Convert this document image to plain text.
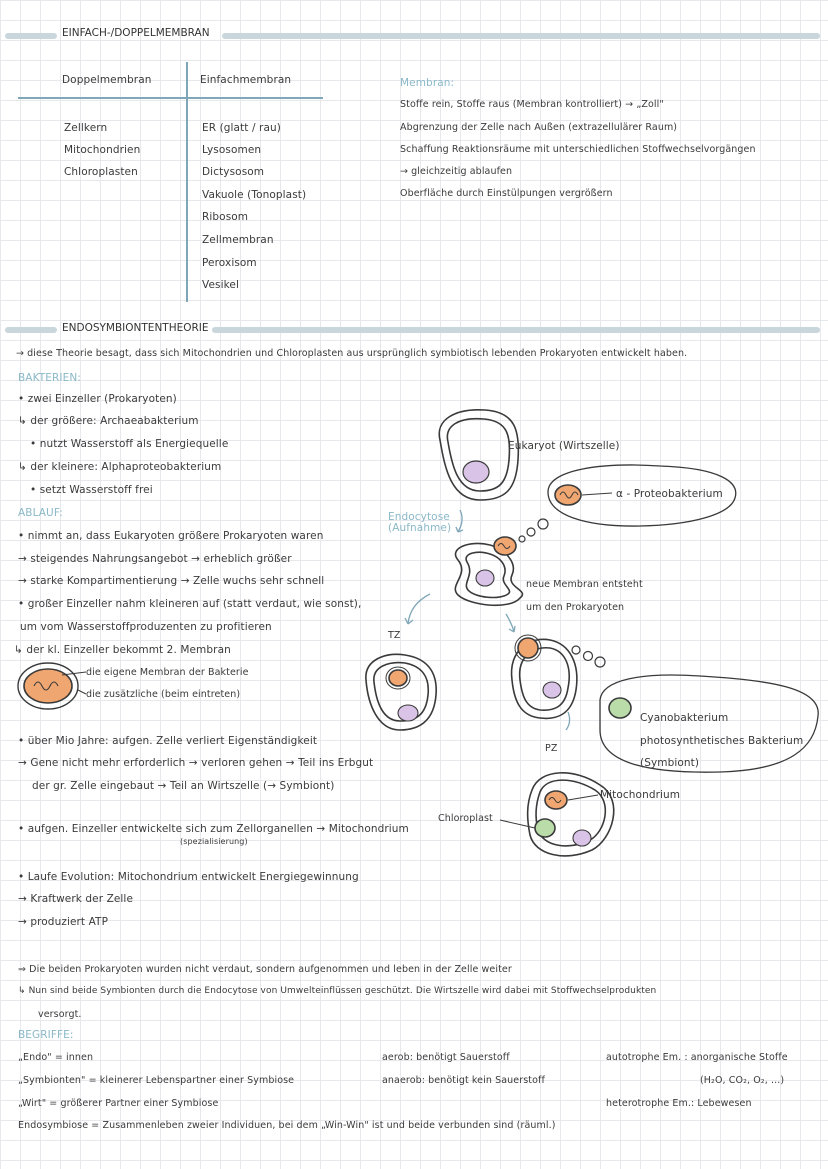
EINFACH-/DOPPELMEMBRAN
Doppelmembran	Einfachmembran
Zellkern
Mitochondrien
Chloroplasten
ER (glatt / rau)
Lysosomen
Dictysosom
Vakuole (Tonoplast)
Ribosom
Zellmembran
Peroxisom
Vesikel
Membran:
Stoffe rein, Stoffe raus (Membran kontrolliert) → „Zoll"
Abgrenzung der Zelle nach Außen (extrazellulärer Raum)
Schaffung Reaktionsräume mit unterschiedlichen Stoffwechselvorgängen
→ gleichzeitig ablaufen
Oberfläche durch Einstülpungen vergrößern
ENDOSYMBIONTENTHEORIE
→ diese Theorie besagt, dass sich Mitochondrien und Chloroplasten aus ursprünglich symbiotisch lebenden Prokaryoten entwickelt haben.
BAKTERIEN:
• zwei Einzeller (Prokaryoten)
↳ der größere: Archaeabakterium
• nutzt Wasserstoff als Energiequelle
↳ der kleinere: Alphaproteobakterium
• setzt Wasserstoff frei
ABLAUF:
• nimmt an, dass Eukaryoten größere Prokaryoten waren
→ steigendes Nahrungsangebot → erheblich größer
→ starke Kompartimentierung → Zelle wuchs sehr schnell
• großer Einzeller nahm kleineren auf (statt verdaut, wie sonst),
um vom Wasserstoffproduzenten zu profitieren
↳ der kl. Einzeller bekommt 2. Membran
die eigene Membran der Bakterie
die zusätzliche (beim eintreten)
• über Mio Jahre: aufgen. Zelle verliert Eigenständigkeit
→ Gene nicht mehr erforderlich → verloren gehen → Teil ins Erbgut
der gr. Zelle eingebaut → Teil an Wirtszelle (→ Symbiont)
• aufgen. Einzeller entwickelte sich zum Zellorganellen → Mitochondrium
(spezialisierung)
• Laufe Evolution: Mitochondrium entwickelt Energiegewinnung
→ Kraftwerk der Zelle
→ produziert ATP
Eukaryot (Wirtszelle)
α - Proteobakterium
Endocytose
(Aufnahme)
neue Membran entsteht
um den Prokaryoten
TZ
PZ
Cyanobakterium
photosynthetisches Bakterium
(Symbiont)
Mitochondrium
Chloroplast
⇒ Die beiden Prokaryoten wurden nicht verdaut, sondern aufgenommen und leben in der Zelle weiter
↳ Nun sind beide Symbionten durch die Endocytose von Umwelteinflüssen geschützt. Die Wirtszelle wird dabei mit Stoffwechselprodukten
versorgt.
BEGRIFFE:
„Endo" = innen
„Symbionten" = kleinerer Lebenspartner einer Symbiose
„Wirt" = größerer Partner einer Symbiose
Endosymbiose = Zusammenleben zweier Individuen, bei dem „Win-Win" ist und beide verbunden sind (räuml.)
aerob: benötigt Sauerstoff
anaerob: benötigt kein Sauerstoff
autotrophe Em. : anorganische Stoffe
(H₂O, CO₂, O₂, ...)
heterotrophe Em.: Lebewesen
